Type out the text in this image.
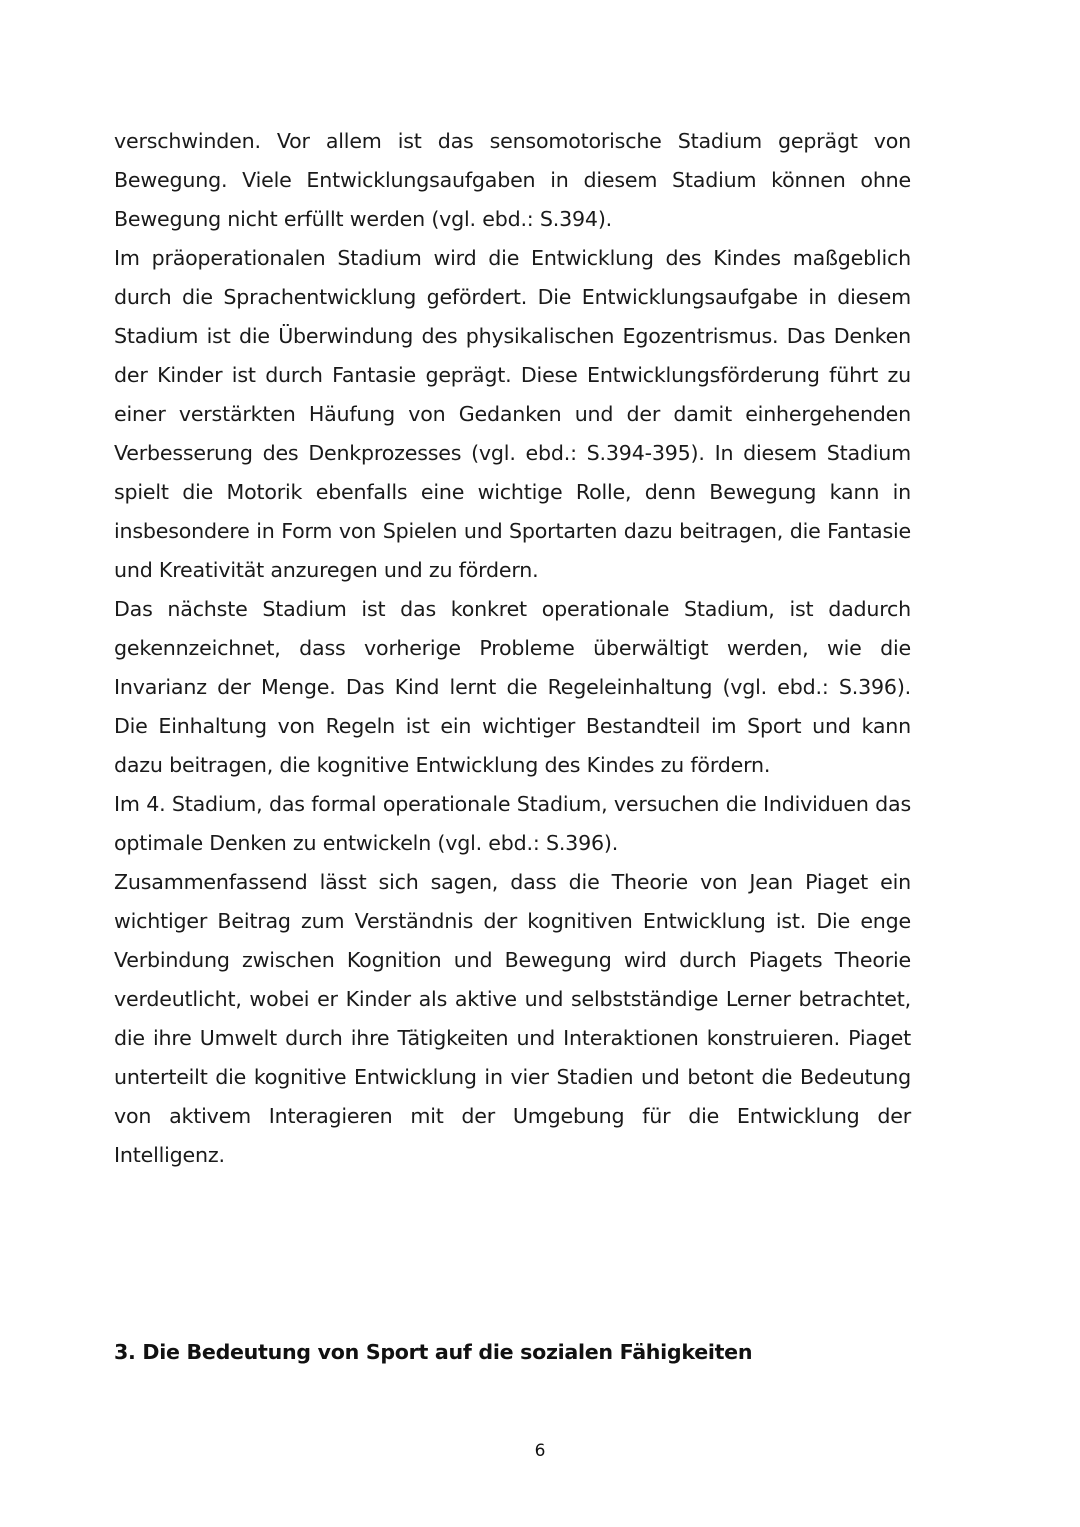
verschwinden. Vor allem ist das sensomotorische Stadium geprägt von Bewegung. Viele Entwicklungsaufgaben in diesem Stadium können ohne Bewegung nicht erfüllt werden (vgl. ebd.: S.394).

Im präoperationalen Stadium wird die Entwicklung des Kindes maßgeblich durch die Sprachentwicklung gefördert. Die Entwicklungsaufgabe in diesem Stadium ist die Überwindung des physikalischen Egozentrismus. Das Denken der Kinder ist durch Fantasie geprägt. Diese Entwicklungsförderung führt zu einer verstärkten Häufung von Gedanken und der damit einhergehenden Verbesserung des Denkprozesses (vgl. ebd.: S.394-395). In diesem Stadium spielt die Motorik ebenfalls eine wichtige Rolle, denn Bewegung kann in insbesondere in Form von Spielen und Sportarten dazu beitragen, die Fantasie und Kreativität anzuregen und zu fördern.

Das nächste Stadium ist das konkret operationale Stadium, ist dadurch gekennzeichnet, dass vorherige Probleme überwältigt werden, wie die Invarianz der Menge. Das Kind lernt die Regeleinhaltung (vgl. ebd.: S.396). Die Einhaltung von Regeln ist ein wichtiger Bestandteil im Sport und kann dazu beitragen, die kognitive Entwicklung des Kindes zu fördern.

Im 4. Stadium, das formal operationale Stadium, versuchen die Individuen das optimale Denken zu entwickeln (vgl. ebd.: S.396).

Zusammenfassend lässt sich sagen, dass die Theorie von Jean Piaget ein wichtiger Beitrag zum Verständnis der kognitiven Entwicklung ist. Die enge Verbindung zwischen Kognition und Bewegung wird durch Piagets Theorie verdeutlicht, wobei er Kinder als aktive und selbstständige Lerner betrachtet, die ihre Umwelt durch ihre Tätigkeiten und Interaktionen konstruieren. Piaget unterteilt die kognitive Entwicklung in vier Stadien und betont die Bedeutung von aktivem Interagieren mit der Umgebung für die Entwicklung der Intelligenz.

3. Die Bedeutung von Sport auf die sozialen Fähigkeiten
6
